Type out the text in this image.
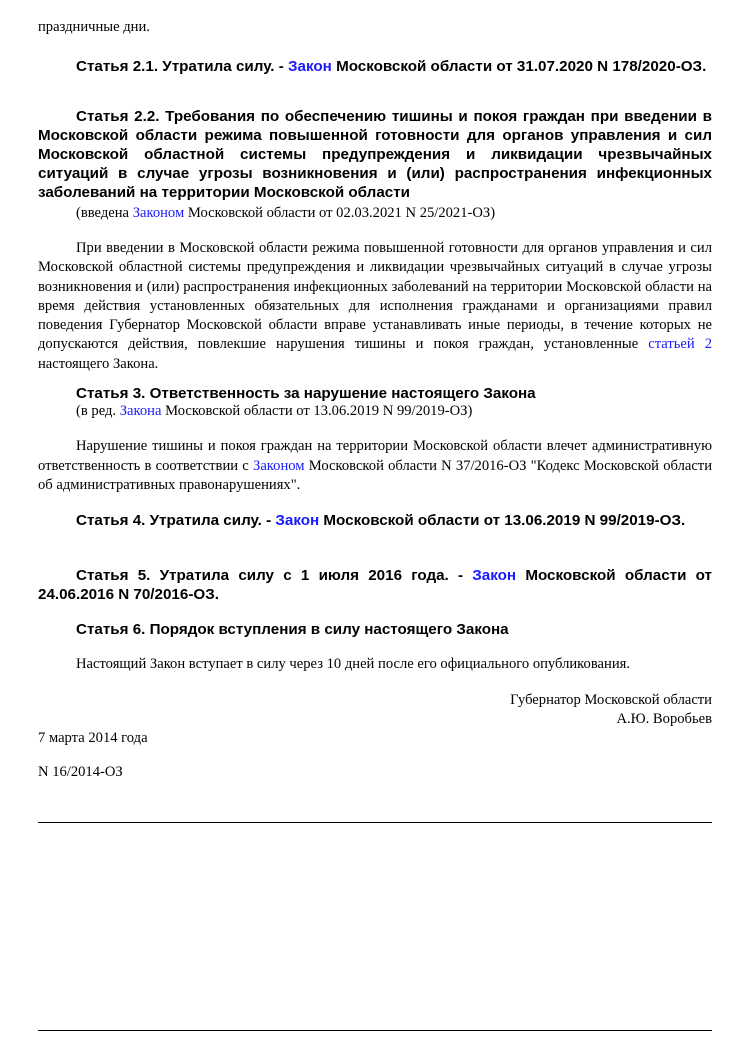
праздничные дни.
Статья 2.1. Утратила силу. - Закон Московской области от 31.07.2020 N 178/2020-ОЗ.
Статья 2.2. Требования по обеспечению тишины и покоя граждан при введении в Московской области режима повышенной готовности для органов управления и сил Московской областной системы предупреждения и ликвидации чрезвычайных ситуаций в случае угрозы возникновения и (или) распространения инфекционных заболеваний на территории Московской области
(введена Законом Московской области от 02.03.2021 N 25/2021-ОЗ)
При введении в Московской области режима повышенной готовности для органов управления и сил Московской областной системы предупреждения и ликвидации чрезвычайных ситуаций в случае угрозы возникновения и (или) распространения инфекционных заболеваний на территории Московской области на время действия установленных обязательных для исполнения гражданами и организациями правил поведения Губернатор Московской области вправе устанавливать иные периоды, в течение которых не допускаются действия, повлекшие нарушения тишины и покоя граждан, установленные статьей 2 настоящего Закона.
Статья 3. Ответственность за нарушение настоящего Закона
(в ред. Закона Московской области от 13.06.2019 N 99/2019-ОЗ)
Нарушение тишины и покоя граждан на территории Московской области влечет административную ответственность в соответствии с Законом Московской области N 37/2016-ОЗ "Кодекс Московской области об административных правонарушениях".
Статья 4. Утратила силу. - Закон Московской области от 13.06.2019 N 99/2019-ОЗ.
Статья 5. Утратила силу с 1 июля 2016 года. - Закон Московской области от 24.06.2016 N 70/2016-ОЗ.
Статья 6. Порядок вступления в силу настоящего Закона
Настоящий Закон вступает в силу через 10 дней после его официального опубликования.
Губернатор Московской области
А.Ю. Воробьев
7 марта 2014 года
N 16/2014-ОЗ
